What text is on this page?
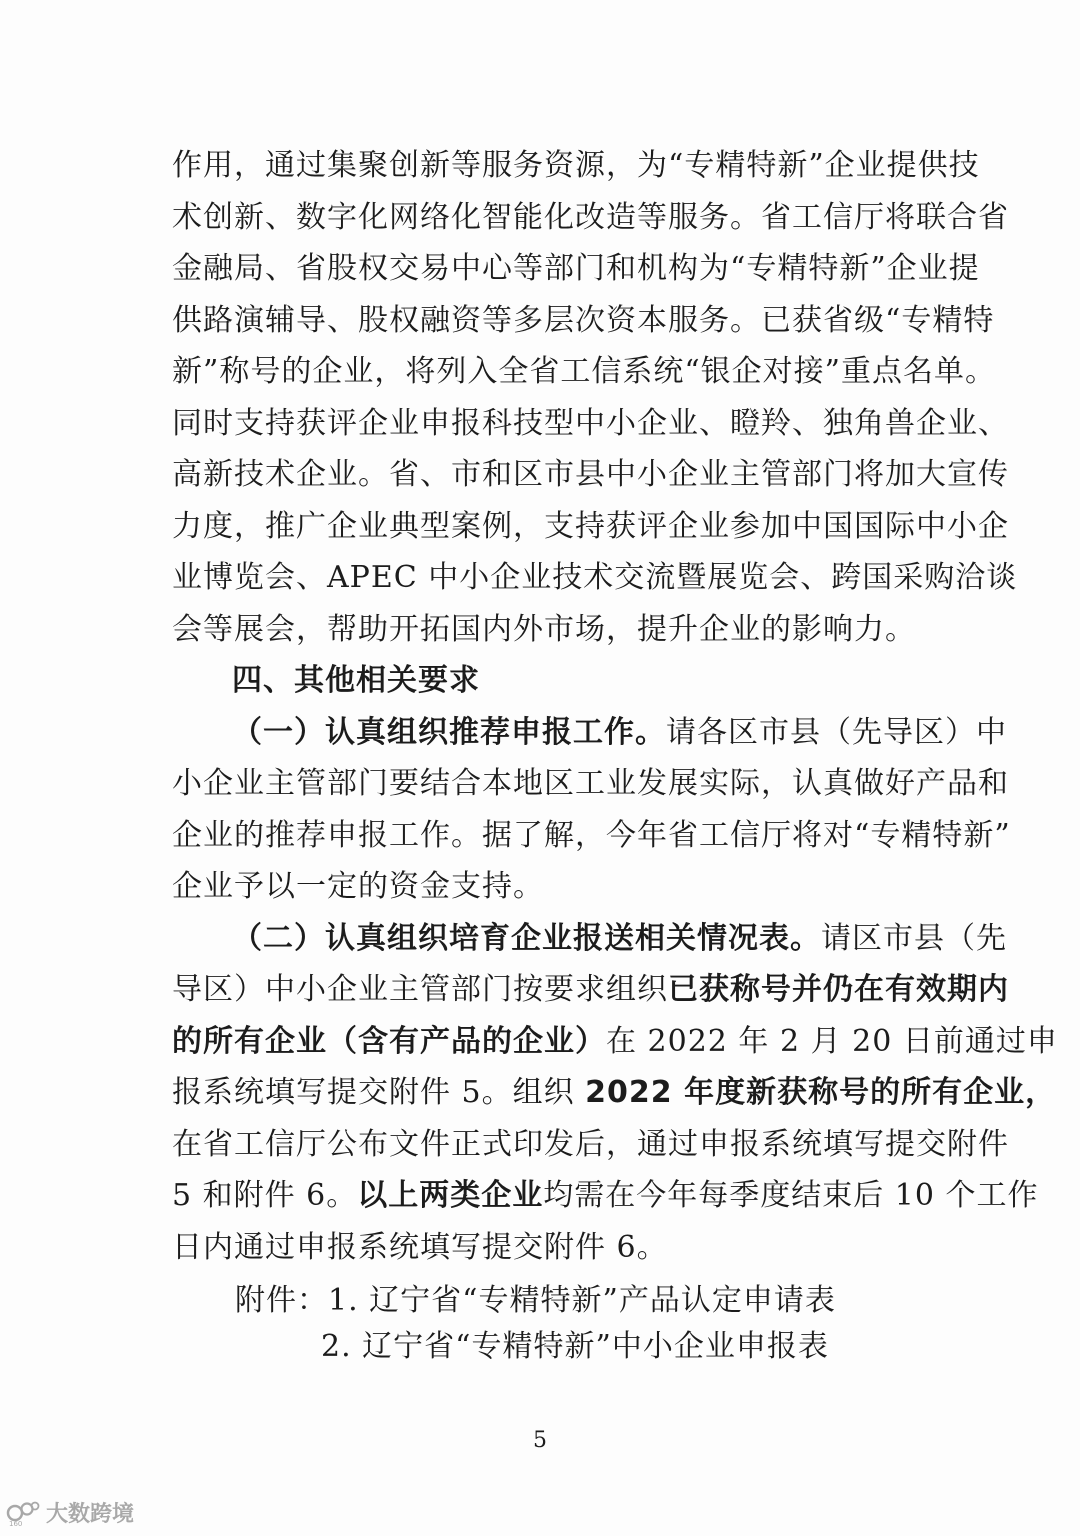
作用，通过集聚创新等服务资源，为“专精特新”企业提供技
术创新、数字化网络化智能化改造等服务。省工信厅将联合省
金融局、省股权交易中心等部门和机构为“专精特新”企业提
供路演辅导、股权融资等多层次资本服务。已获省级“专精特
新”称号的企业，将列入全省工信系统“银企对接”重点名单。
同时支持获评企业申报科技型中小企业、瞪羚、独角兽企业、
高新技术企业。省、市和区市县中小企业主管部门将加大宣传
力度，推广企业典型案例，支持获评企业参加中国国际中小企
业博览会、APEC 中小企业技术交流暨展览会、跨国采购洽谈
会等展会，帮助开拓国内外市场，提升企业的影响力。
四、其他相关要求
（一）认真组织推荐申报工作。请各区市县（先导区）中
小企业主管部门要结合本地区工业发展实际，认真做好产品和
企业的推荐申报工作。据了解，今年省工信厅将对“专精特新”
企业予以一定的资金支持。
（二）认真组织培育企业报送相关情况表。请区市县（先
导区）中小企业主管部门按要求组织已获称号并仍在有效期内
的所有企业（含有产品的企业）在 2022 年 2 月 20 日前通过申
报系统填写提交附件 5。组织 2022 年度新获称号的所有企业，
在省工信厅公布文件正式印发后，通过申报系统填写提交附件
5 和附件 6。以上两类企业均需在今年每季度结束后 10 个工作
日内通过申报系统填写提交附件 6。
附件：1. 辽宁省“专精特新”产品认定申请表
2. 辽宁省“专精特新”中小企业申报表
5
160 大数跨境
